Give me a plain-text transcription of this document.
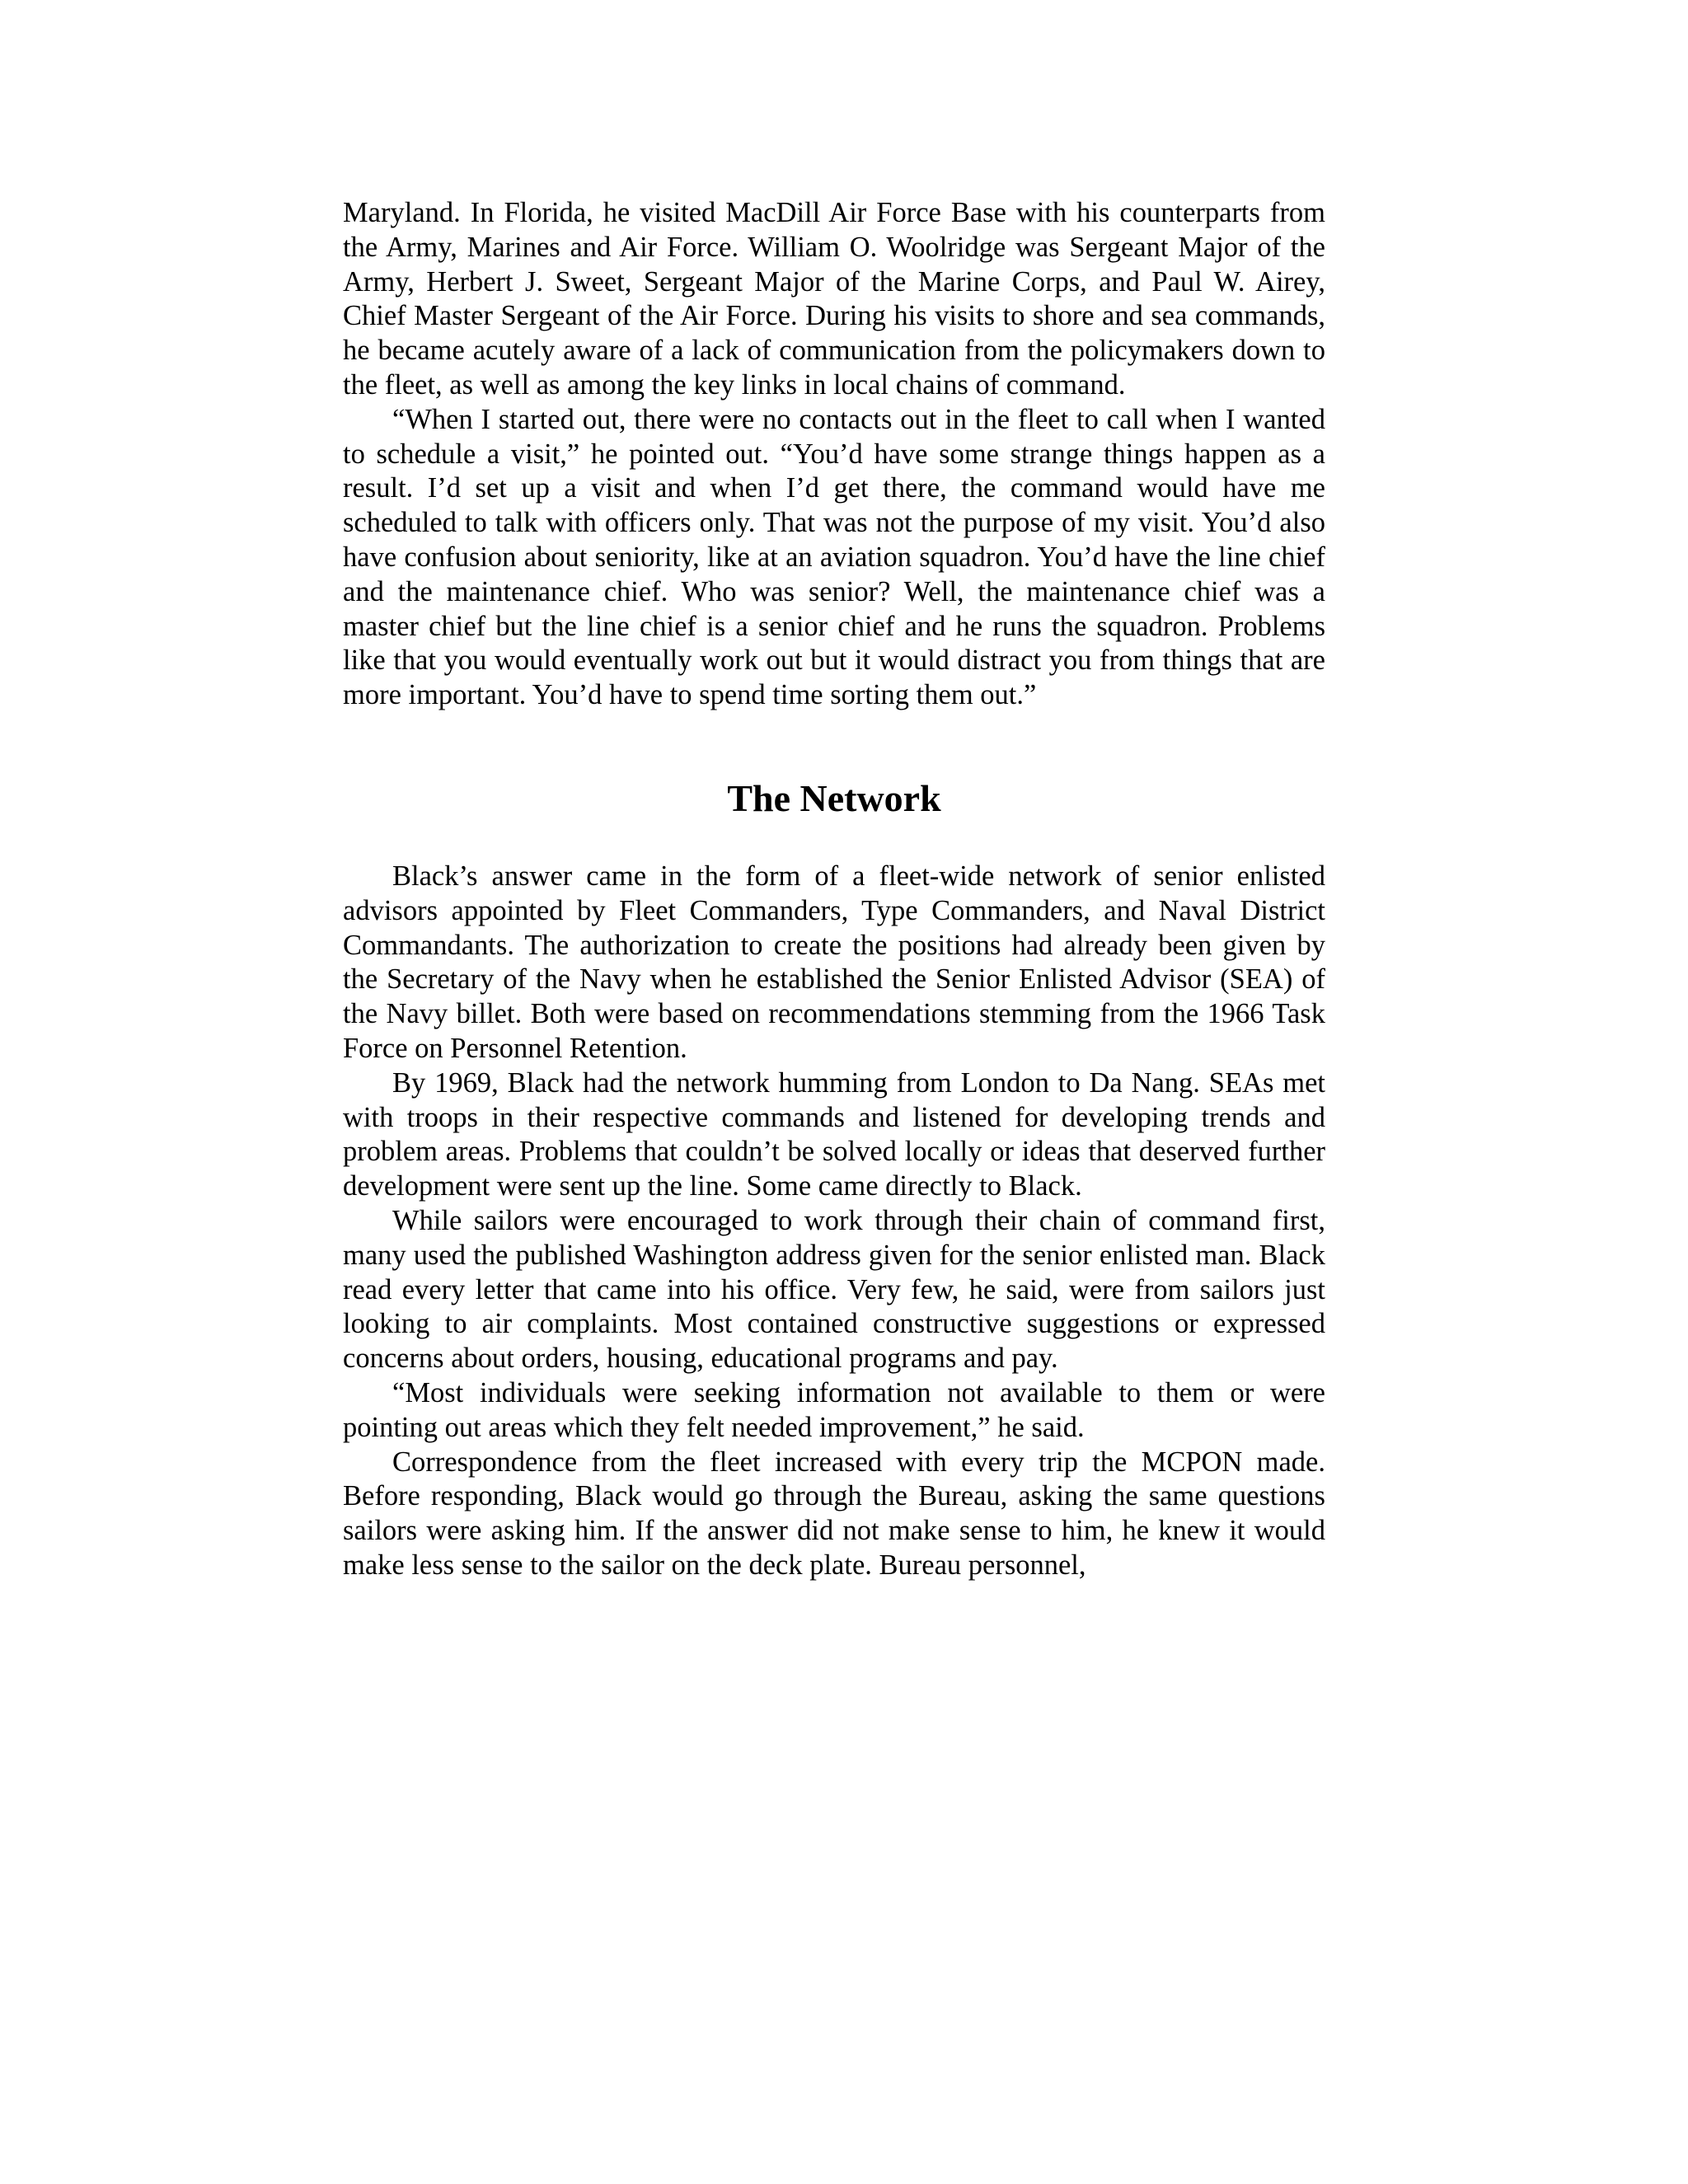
Maryland. In Florida, he visited MacDill Air Force Base with his counterparts from the Army, Marines and Air Force. William O. Woolridge was Sergeant Major of the Army, Herbert J. Sweet, Sergeant Major of the Marine Corps, and Paul W. Airey, Chief Master Sergeant of the Air Force. During his visits to shore and sea commands, he became acutely aware of a lack of communication from the policymakers down to the fleet, as well as among the key links in local chains of command.

“When I started out, there were no contacts out in the fleet to call when I wanted to schedule a visit,” he pointed out. “You’d have some strange things happen as a result. I’d set up a visit and when I’d get there, the command would have me scheduled to talk with officers only. That was not the purpose of my visit. You’d also have confusion about seniority, like at an aviation squadron. You’d have the line chief and the maintenance chief. Who was senior? Well, the maintenance chief was a master chief but the line chief is a senior chief and he runs the squadron. Problems like that you would eventually work out but it would distract you from things that are more important. You’d have to spend time sorting them out.”

The Network

Black’s answer came in the form of a fleet-wide network of senior enlisted advisors appointed by Fleet Commanders, Type Commanders, and Naval District Commandants. The authorization to create the positions had already been given by the Secretary of the Navy when he established the Senior Enlisted Advisor (SEA) of the Navy billet. Both were based on recommendations stemming from the 1966 Task Force on Personnel Retention.

By 1969, Black had the network humming from London to Da Nang. SEAs met with troops in their respective commands and listened for developing trends and problem areas. Problems that couldn’t be solved locally or ideas that deserved further development were sent up the line. Some came directly to Black.

While sailors were encouraged to work through their chain of command first, many used the published Washington address given for the senior enlisted man. Black read every letter that came into his office. Very few, he said, were from sailors just looking to air complaints. Most contained constructive suggestions or expressed concerns about orders, housing, educational programs and pay.

“Most individuals were seeking information not available to them or were pointing out areas which they felt needed improvement,” he said.

Correspondence from the fleet increased with every trip the MCPON made. Before responding, Black would go through the Bureau, asking the same questions sailors were asking him. If the answer did not make sense to him, he knew it would make less sense to the sailor on the deck plate. Bureau personnel,
